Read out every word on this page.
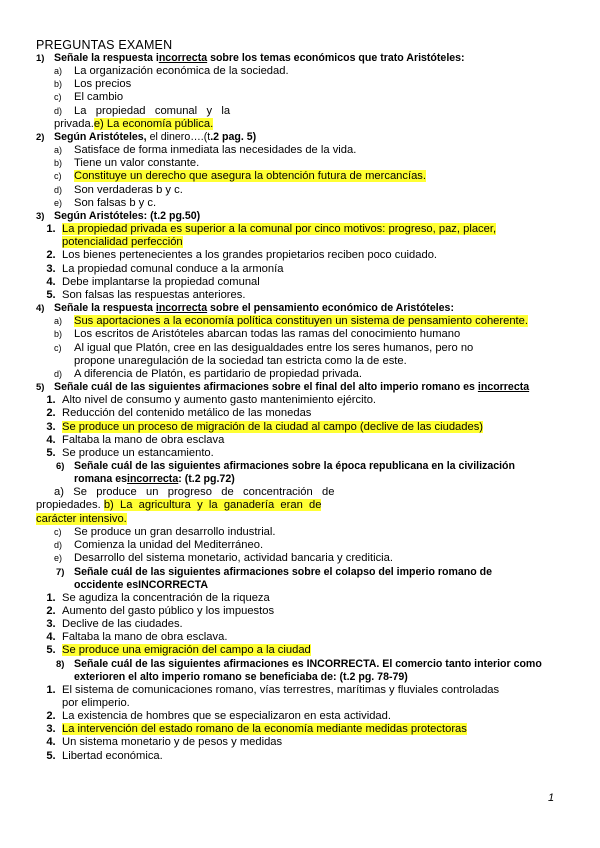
PREGUNTAS EXAMEN
1) Señale la respuesta incorrecta sobre los temas económicos que trato Aristóteles:
a)	La organización económica de la sociedad.
b)	Los precios
c)	El cambio
d)	La   propiedad   comunal   y   la
privada.e) La economía pública.
2) Según Aristóteles, el dinero….(t.2 pag. 5)
a)	Satisface de forma inmediata las necesidades de la vida.
b)	Tiene un valor constante.
c)	Constituye un derecho que asegura la obtención futura de mercancías.
d)	Son verdaderas b y c.
e)	Son falsas b y c.
3) Según Aristóteles: (t.2 pg.50)
1. La propiedad privada es superior a la comunal por cinco motivos: progreso, paz, placer,
potencialidad perfección
2. Los bienes pertenecientes a los grandes propietarios reciben poco cuidado.
3. La propiedad comunal conduce a la armonía
4. Debe implantarse la propiedad comunal
5. Son falsas las respuestas anteriores.
4) Señale la respuesta incorrecta sobre el pensamiento económico de Aristóteles:
a)	Sus aportaciones a la economía política constituyen un sistema de pensamiento coherente.
b)	Los escritos de Aristóteles abarcan todas las ramas del conocimiento humano
c)	Al igual que Platón, cree en las desigualdades entre los seres humanos, pero no
propone unaregulación de la sociedad tan estricta como la de este.
d)	A diferencia de Platón, es partidario de propiedad privada.
5) Señale cuál de las siguientes afirmaciones sobre el final del alto imperio romano es incorrecta
1. Alto nivel de consumo y aumento gasto mantenimiento ejército.
2. Reducción del contenido metálico de las monedas
3. Se produce un proceso de migración de la ciudad al campo (declive de las ciudades)
4. Faltaba la mano de obra esclava
5. Se produce un estancamiento.
6) Señale cuál de las siguientes afirmaciones sobre la época republicana en la civilización
romana esincorrecta: (t.2 pg.72)
a)   Se   produce   un   progreso   de   concentración   de
propiedades. b)  La  agricultura  y  la  ganadería  eran  de
carácter intensivo.
c)	Se produce un gran desarrollo industrial.
d)	Comienza la unidad del Mediterráneo.
e)	Desarrollo del sistema monetario, actividad bancaria y crediticia.
7) Señale cuál de las siguientes afirmaciones sobre el colapso del imperio romano de
occidente esINCORRECTA
1. Se agudiza la concentración de la riqueza
2. Aumento del gasto público y los impuestos
3. Declive de las ciudades.
4. Faltaba la mano de obra esclava.
5. Se produce una emigración del campo a la ciudad
8) Señale cuál de las siguientes afirmaciones es INCORRECTA. El comercio tanto interior como
exterioren el alto imperio romano se beneficiaba de: (t.2 pg. 78-79)
1. El sistema de comunicaciones romano, vías terrestres, marítimas y fluviales controladas
por elimperio.
2. La existencia de hombres que se especializaron en esta actividad.
3. La intervención del estado romano de la economía mediante medidas protectoras
4. Un sistema monetario y de pesos y medidas
5. Libertad económica.
1
